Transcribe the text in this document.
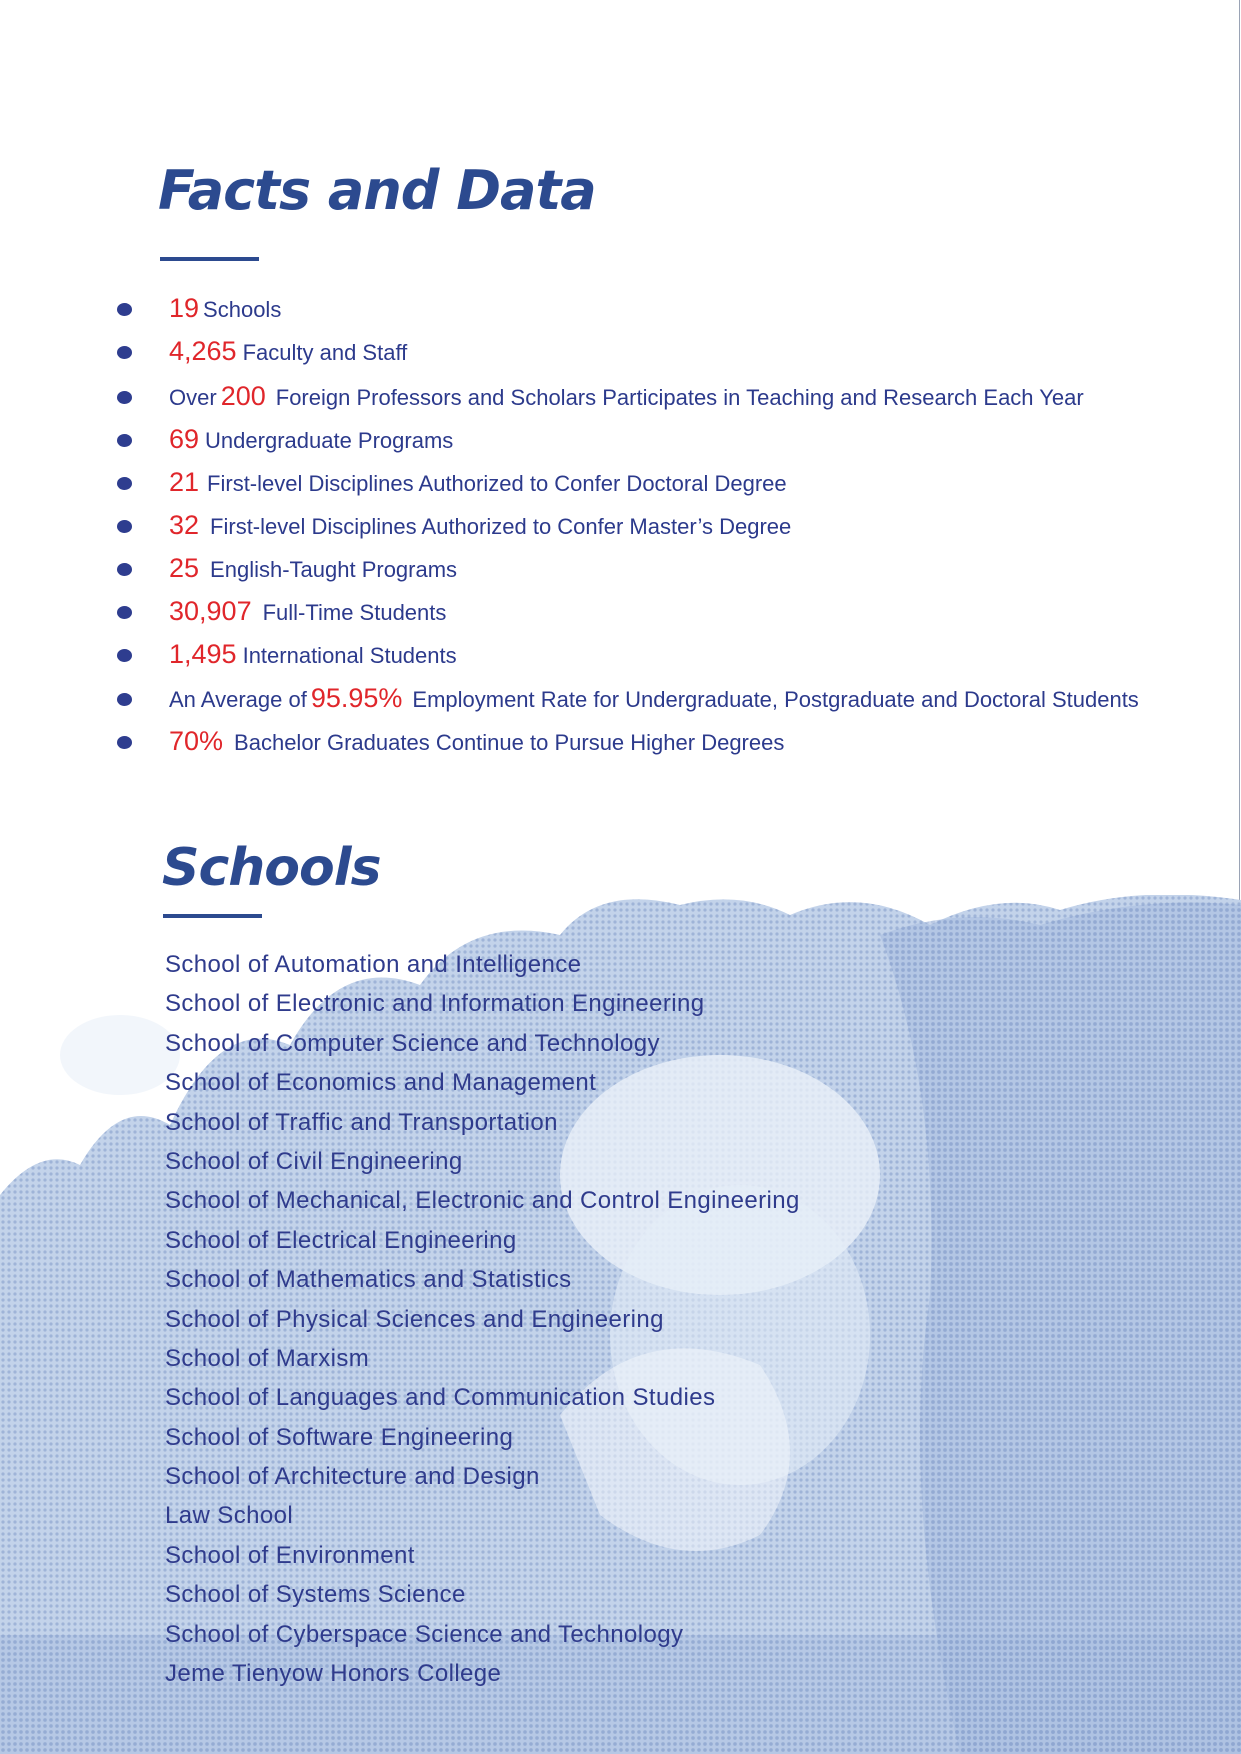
Facts and Data
19 Schools
4,265 Faculty and Staff
Over 200 Foreign Professors and Scholars Participates in Teaching and Research Each Year
69 Undergraduate Programs
21 First-level Disciplines Authorized to Confer Doctoral Degree
32 First-level Disciplines Authorized to Confer Master’s Degree
25 English-Taught Programs
30,907 Full-Time Students
1,495 International Students
An Average of 95.95% Employment Rate for Undergraduate, Postgraduate and Doctoral Students
70% Bachelor Graduates Continue to Pursue Higher Degrees
Schools
School of Automation and Intelligence
School of Electronic and Information Engineering
School of Computer Science and Technology
School of Economics and Management
School of Traffic and Transportation
School of Civil Engineering
School of Mechanical, Electronic and Control Engineering
School of Electrical Engineering
School of Mathematics and Statistics
School of Physical Sciences and Engineering
School of Marxism
School of Languages and Communication Studies
School of Software Engineering
School of Architecture and Design
Law School
School of Environment
School of Systems Science
School of Cyberspace Science and Technology
Jeme Tienyow Honors College
